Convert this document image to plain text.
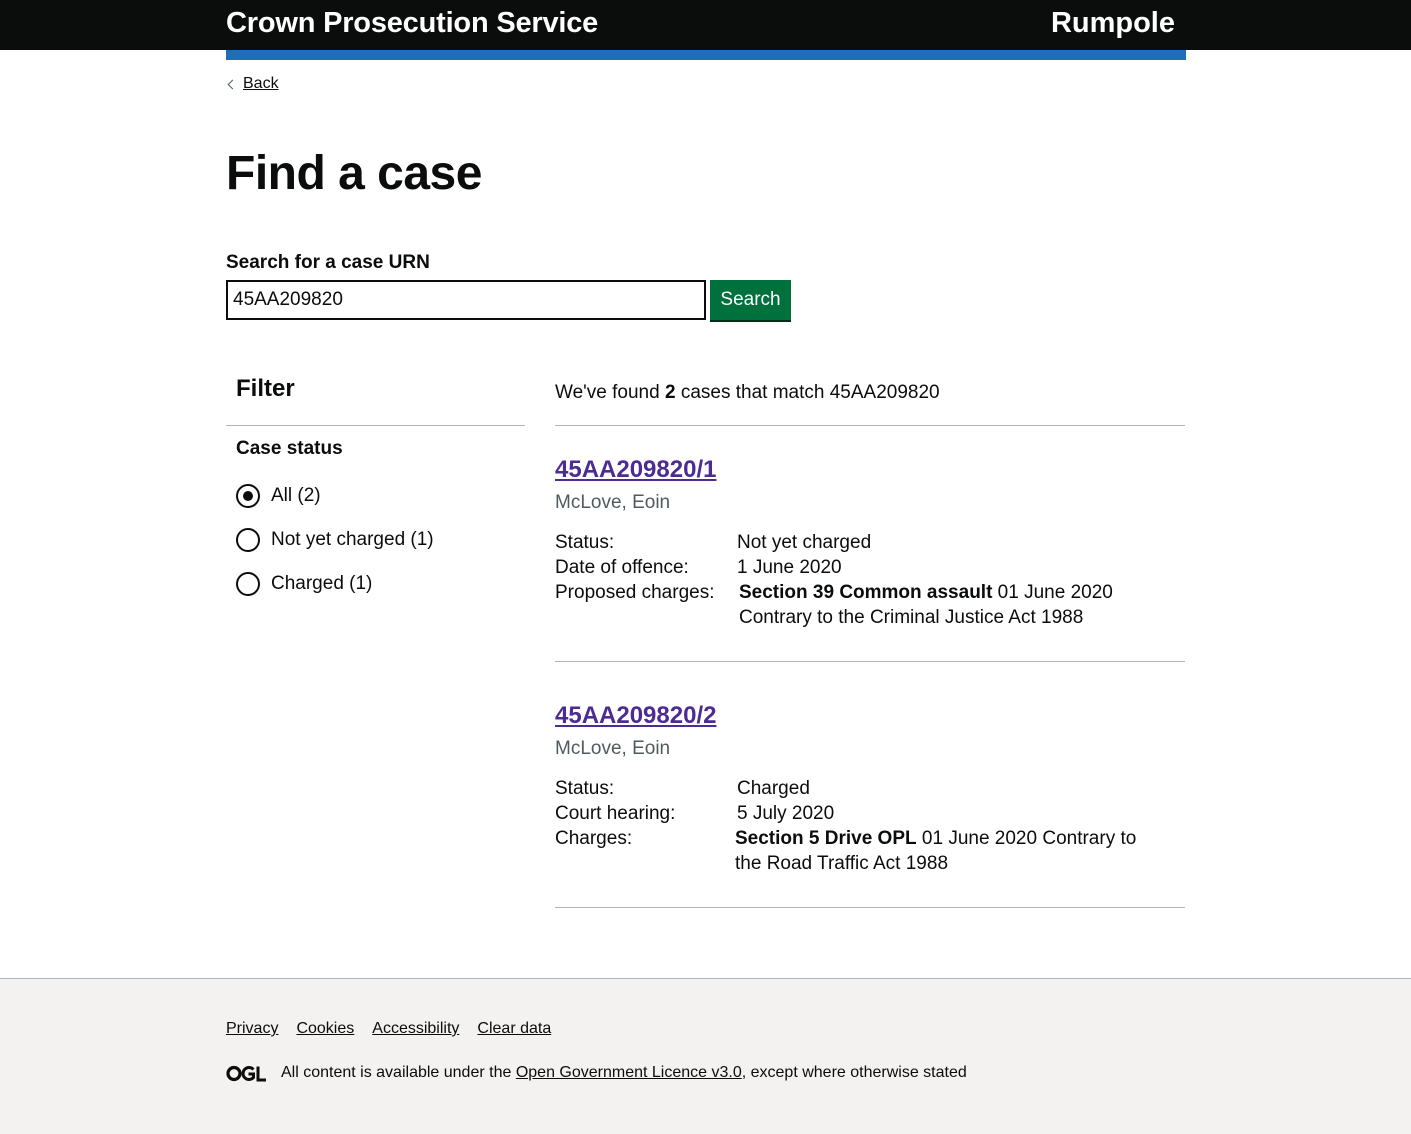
Crown Prosecution Service	Rumpole
Back
Find a case
Search for a case URN
45AA209820
Search
Filter
Case status
All (2)
Not yet charged (1)
Charged (1)

We've found 2 cases that match 45AA209820

45AA209820/1
McLove, Eoin
Status:	Not yet charged
Date of offence:	1 June 2020
Proposed charges: Section 39 Common assault 01 June 2020 Contrary to the Criminal Justice Act 1988
45AA209820/2
McLove, Eoin
Status:	Charged
Court hearing:	5 July 2020
Charges:	Section 5 Drive OPL 01 June 2020 Contrary to the Road Traffic Act 1988
Privacy Cookies Accessibility Clear data
All content is available under the Open Government Licence v3.0, except where otherwise stated
